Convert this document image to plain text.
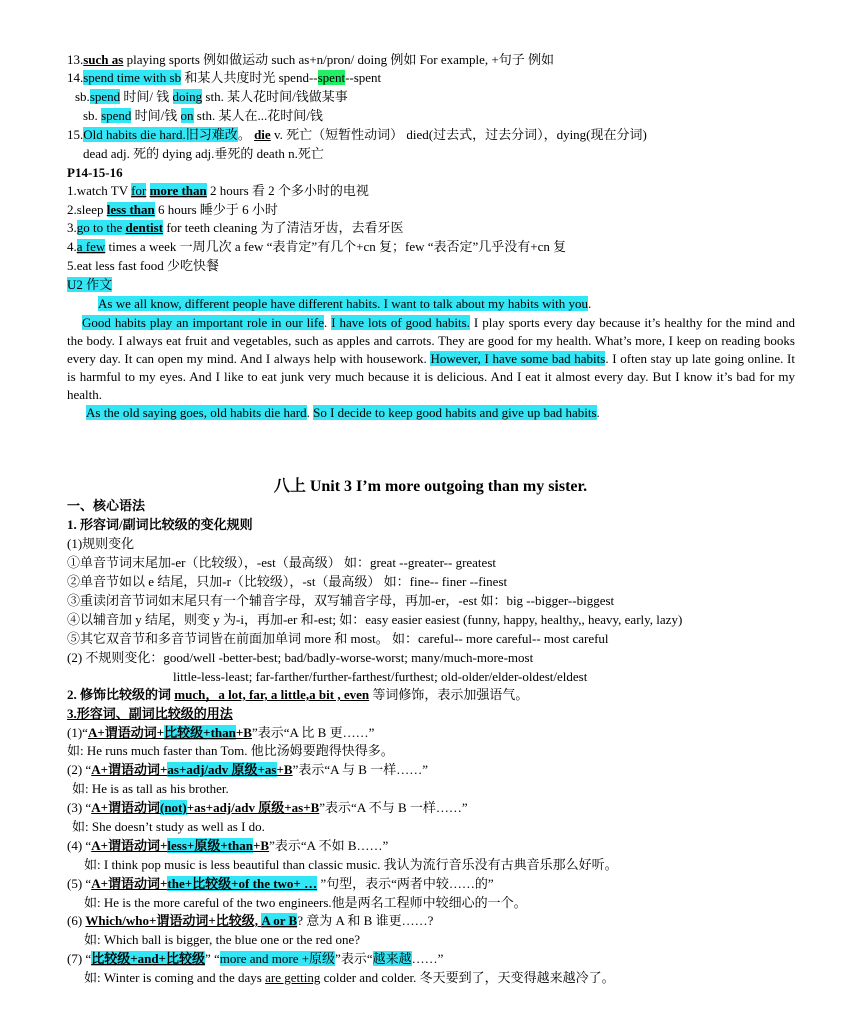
13.such as playing sports 例如做运动 such as+n/pron/ doing 例如 For example, +句子 例如
14.spend time with sb 和某人共度时光 spend--spent--spent
sb.spend 时间/ 钱 doing sth. 某人花时间/钱做某事
sb. spend 时间/钱 on sth. 某人在...花时间/钱
15.Old habits die hard.旧习难改。 die v. 死亡（短暂性动词） died(过去式，过去分词），dying(现在分词)
dead adj. 死的 dying adj.垂死的 death n.死亡
P14-15-16
1.watch TV for more than 2 hours 看 2 个多小时的电视
2.sleep less than 6 hours 睡少于 6 小时
3.go to the dentist for teeth cleaning 为了清洁牙齿，去看牙医
4.a few times a week 一周几次 a few “表肯定”有几个+cn 复；few “表否定”几乎没有+cn 复
5.eat less fast food 少吃快餐
U2 作文
As we all know, different people have different habits. I want to talk about my habits with you.
Good habits play an important role in our life. I have lots of good habits. I play sports every day because it’s healthy for the mind and the body. I always eat fruit and vegetables, such as apples and carrots. They are good for my health. What’s more, I keep on reading books every day. It can open my mind. And I always help with housework. However, I have some bad habits. I often stay up late going online. It is harmful to my eyes. And I like to eat junk very much because it is delicious. And I eat it almost every day. But I know it’s bad for my health.
As the old saying goes, old habits die hard. So I decide to keep good habits and give up bad habits.
一、核心语法
1. 形容词/副词比较级的变化规则
(1)规则变化
①单音节词末尾加-er（比较级），-est（最高级） 如：great --greater-- greatest
②单音节如以 e 结尾，只加-r（比较级），-st（最高级） 如：fine-- finer --finest
③重读闭音节词如末尾只有一个辅音字母，双写辅音字母，再加-er，-est 如：big --bigger--biggest
④以辅音加 y 结尾，则变 y 为-i，再加-er 和-est; 如：easy easier easiest (funny, happy, healthy,, heavy, early, lazy)
⑤其它双音节和多音节词皆在前面加单词 more 和 most。 如：careful-- more careful-- most careful
(2) 不规则变化：good/well -better-best; bad/badly-worse-worst; many/much-more-most
little-less-least; far-farther/further-farthest/furthest; old-older/elder-oldest/eldest
2. 修饰比较级的词 much，a lot, far, a little,a bit , even 等词修饰，表示加强语气。
3.形容词、副词比较级的用法
(1)“A+谓语动词+比较级+than+B”表示“A 比 B 更……”
如: He runs much faster than Tom. 他比汤姆要跑得快得多。
(2) “A+谓语动词+as+adj/adv 原级+as+B”表示“A 与 B 一样……”
如: He is as tall as his brother.
(3) “A+谓语动词(not)+as+adj/adv 原级+as+B”表示“A 不与 B 一样……”
如: She doesn’t study as well as I do.
(4) “A+谓语动词+less+原级+than+B”表示“A 不如 B……”
如: I think pop music is less beautiful than classic music. 我认为流行音乐没有古典音乐那么好听。
(5) “A+谓语动词+the+比较级+of the two+ … ”句型，表示“两者中较……的”
如: He is the more careful of the two engineers.他是两名工程师中较细心的一个。
(6) Which/who+谓语动词+比较级, A or B? 意为 A 和 B 谁更……?
如: Which ball is bigger, the blue one or the red one?
(7) “比较级+and+比较级” “more and more +原级”表示“越来越……”
如: Winter is coming and the days are getting colder and colder. 冬天要到了，天变得越来越冷了。
八上 Unit 3 I’m more outgoing than my sister.
